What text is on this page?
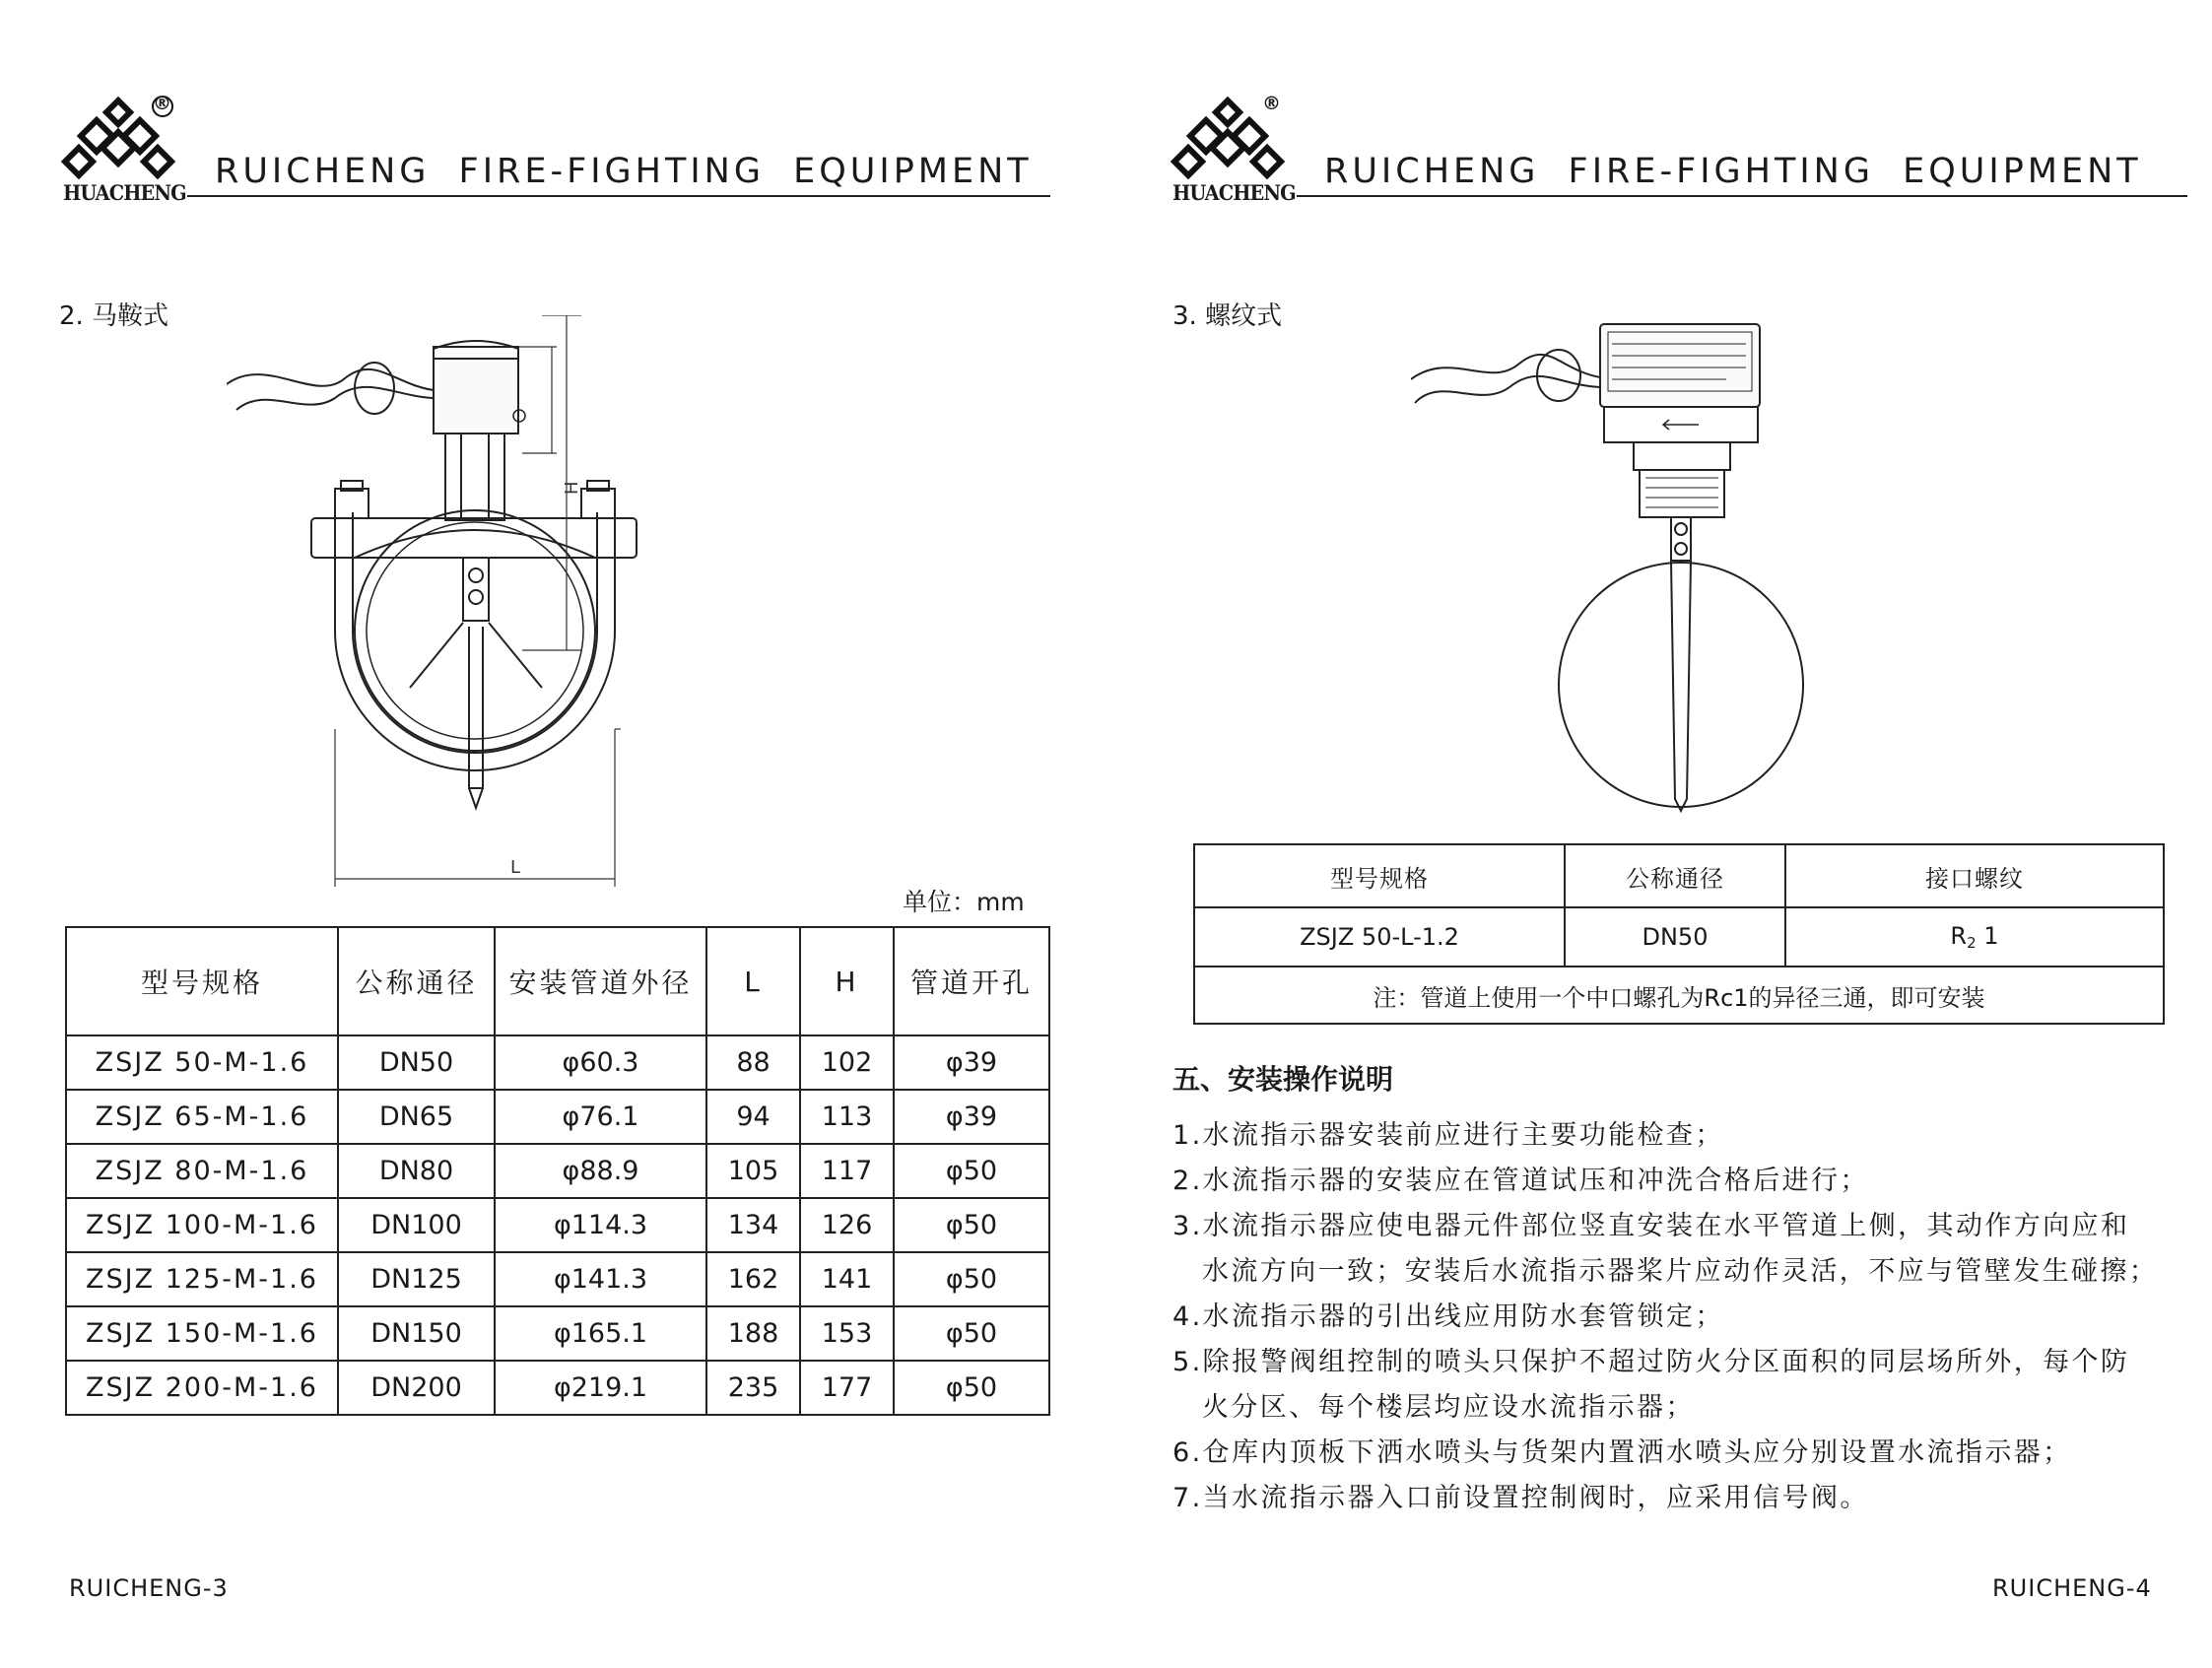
®
HUACHENG
RUICHENG FIRE-FIGHTING EQUIPMENT
2. 马鞍式
H
L
单位：mm
型号规格	公称通径	安装管道外径	L	H	管道开孔
ZSJZ 50-M-1.6	DN50	φ60.3	88	102	φ39
ZSJZ 65-M-1.6	DN65	φ76.1	94	113	φ39
ZSJZ 80-M-1.6	DN80	φ88.9	105	117	φ50
ZSJZ 100-M-1.6	DN100	φ114.3	134	126	φ50
ZSJZ 125-M-1.6	DN125	φ141.3	162	141	φ50
ZSJZ 150-M-1.6	DN150	φ165.1	188	153	φ50
ZSJZ 200-M-1.6	DN200	φ219.1	235	177	φ50
RUICHENG-3
®
HUACHENG
RUICHENG FIRE-FIGHTING EQUIPMENT
3. 螺纹式
型号规格	公称通径	接口螺纹
ZSJZ 50-L-1.2	DN50	$R_2$ 1
注：管道上使用一个中口螺孔为Rc1的异径三通，即可安装		
五、安装操作说明
1.水流指示器安装前应进行主要功能检查；
2.水流指示器的安装应在管道试压和冲洗合格后进行；
3.水流指示器应使电器元件部位竖直安装在水平管道上侧，其动作方向应和
水流方向一致；安装后水流指示器桨片应动作灵活，不应与管壁发生碰擦；
4.水流指示器的引出线应用防水套管锁定；
5.除报警阀组控制的喷头只保护不超过防火分区面积的同层场所外，每个防
火分区、每个楼层均应设水流指示器；
6.仓库内顶板下洒水喷头与货架内置洒水喷头应分别设置水流指示器；
7.当水流指示器入口前设置控制阀时，应采用信号阀。
RUICHENG-4
